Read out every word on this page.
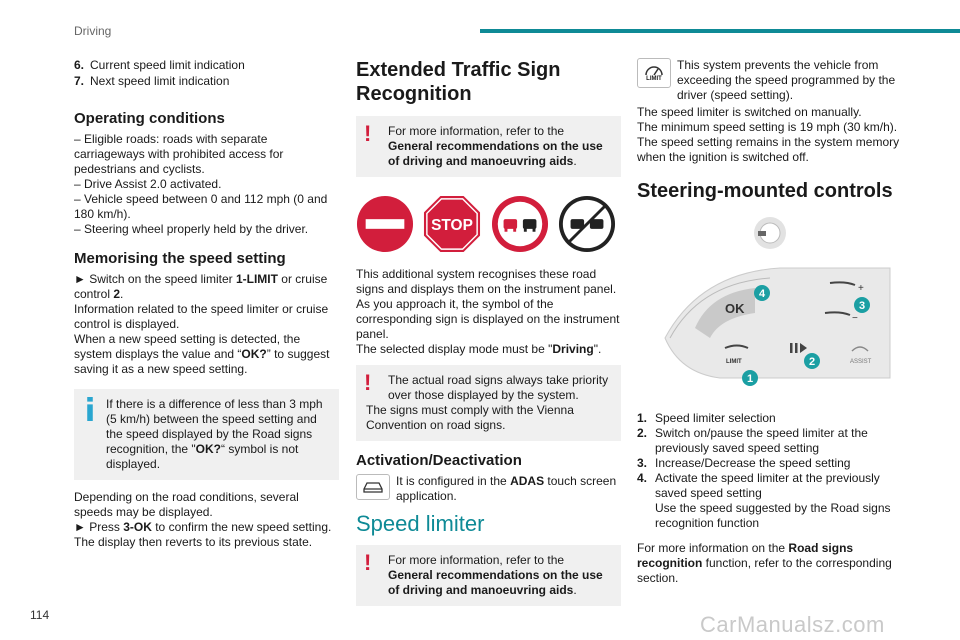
Driving
6. Current speed limit indication
7. Next speed limit indication
Operating conditions

– Eligible roads: roads with separate carriageways with prohibited access for pedestrians and cyclists.

– Drive Assist 2.0 activated.

– Vehicle speed between 0 and 112 mph (0 and 180 km/h).

– Steering wheel properly held by the driver.

Memorising the speed setting

► Switch on the speed limiter 1-LIMIT or cruise control 2.

Information related to the speed limiter or cruise control is displayed.

When a new speed setting is detected, the system displays the value and “OK?” to suggest saving it as a new speed setting.

If there is a difference of less than 3 mph (5 km/h) between the speed setting and the speed displayed by the Road signs recognition, the "OK?“ symbol is not displayed.

Depending on the road conditions, several speeds may be displayed.

► Press 3-OK to confirm the new speed setting.

The display then reverts to its previous state.

Extended Traffic Sign Recognition
!	For more information, refer to the General recommendations on the use of driving and manoeuvring aids.

STOP

This additional system recognises these road signs and displays them on the instrument panel.

As you approach it, the symbol of the corresponding sign is displayed on the instrument panel.

The selected display mode must be "Driving".

!	The actual road signs always take priority over those displayed by the system.

The signs must comply with the Vienna Convention on road signs.

Activation/Deactivation

It is configured in the ADAS touch screen application.

Speed limiter
!	For more information, refer to the General recommendations on the use of driving and manoeuvring aids.

LIMIT

This system prevents the vehicle from exceeding the speed programmed by the driver (speed setting).

The speed limiter is switched on manually.

The minimum speed setting is 19 mph (30 km/h).

The speed setting remains in the system memory when the ignition is switched off.

Steering-mounted controls
OK
+
−
LIMIT	ASSIST
1
2
3
4
1. Speed limiter selection
2. Switch on/pause the speed limiter at the previously saved speed setting
3. Increase/Decrease the speed setting
4. Activate the speed limiter at the previously saved speed setting
Use the speed suggested by the Road signs recognition function

For more information on the Road signs recognition function, refer to the corresponding section.

114	CarManualsz.com
